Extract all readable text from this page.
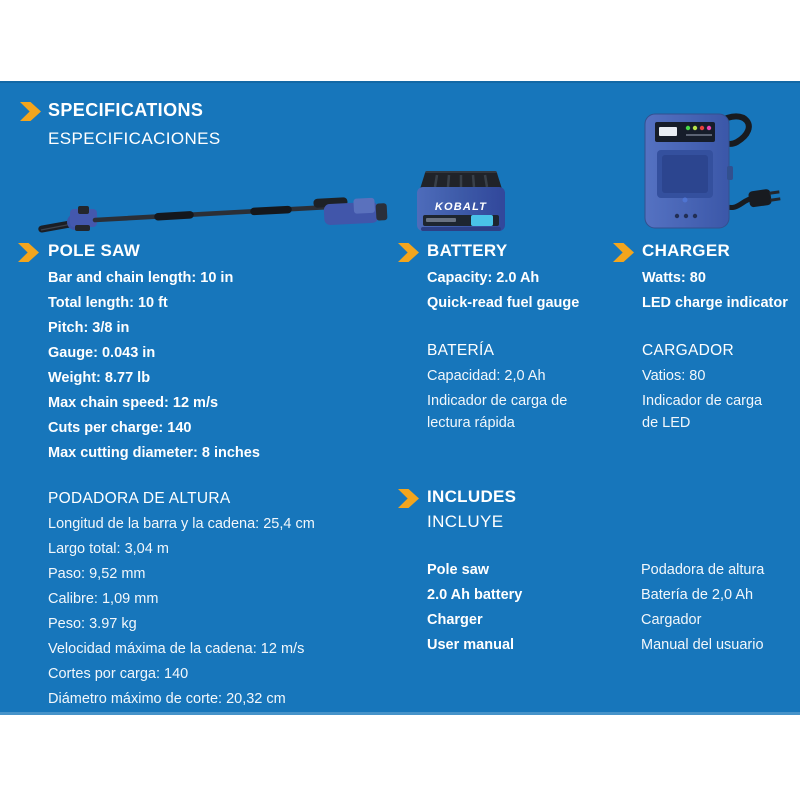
SPECIFICATIONS
ESPECIFICACIONES
KOBALT
POLE SAW
Bar and chain length: 10 in
Total length: 10 ft
Pitch: 3/8 in
Gauge: 0.043 in
Weight: 8.77 lb
Max chain speed: 12 m/s
Cuts per charge: 140
Max cutting diameter: 8 inches
PODADORA DE ALTURA
Longitud de la barra y la cadena: 25,4 cm
Largo total: 3,04 m
Paso: 9,52 mm
Calibre: 1,09 mm
Peso: 3.97 kg
Velocidad máxima de la cadena: 12 m/s
Cortes por carga: 140
Diámetro máximo de corte: 20,32 cm
BATTERY
Capacity: 2.0 Ah
Quick-read fuel gauge
BATERÍA
Capacidad: 2,0 Ah
Indicador de carga de lectura rápida
CHARGER
Watts: 80
LED charge indicator
CARGADOR
Vatios: 80
Indicador de carga de LED
INCLUDES
INCLUYE
Pole saw
2.0 Ah battery
Charger
User manual
Podadora de altura
Batería de 2,0 Ah
Cargador
Manual del usuario
